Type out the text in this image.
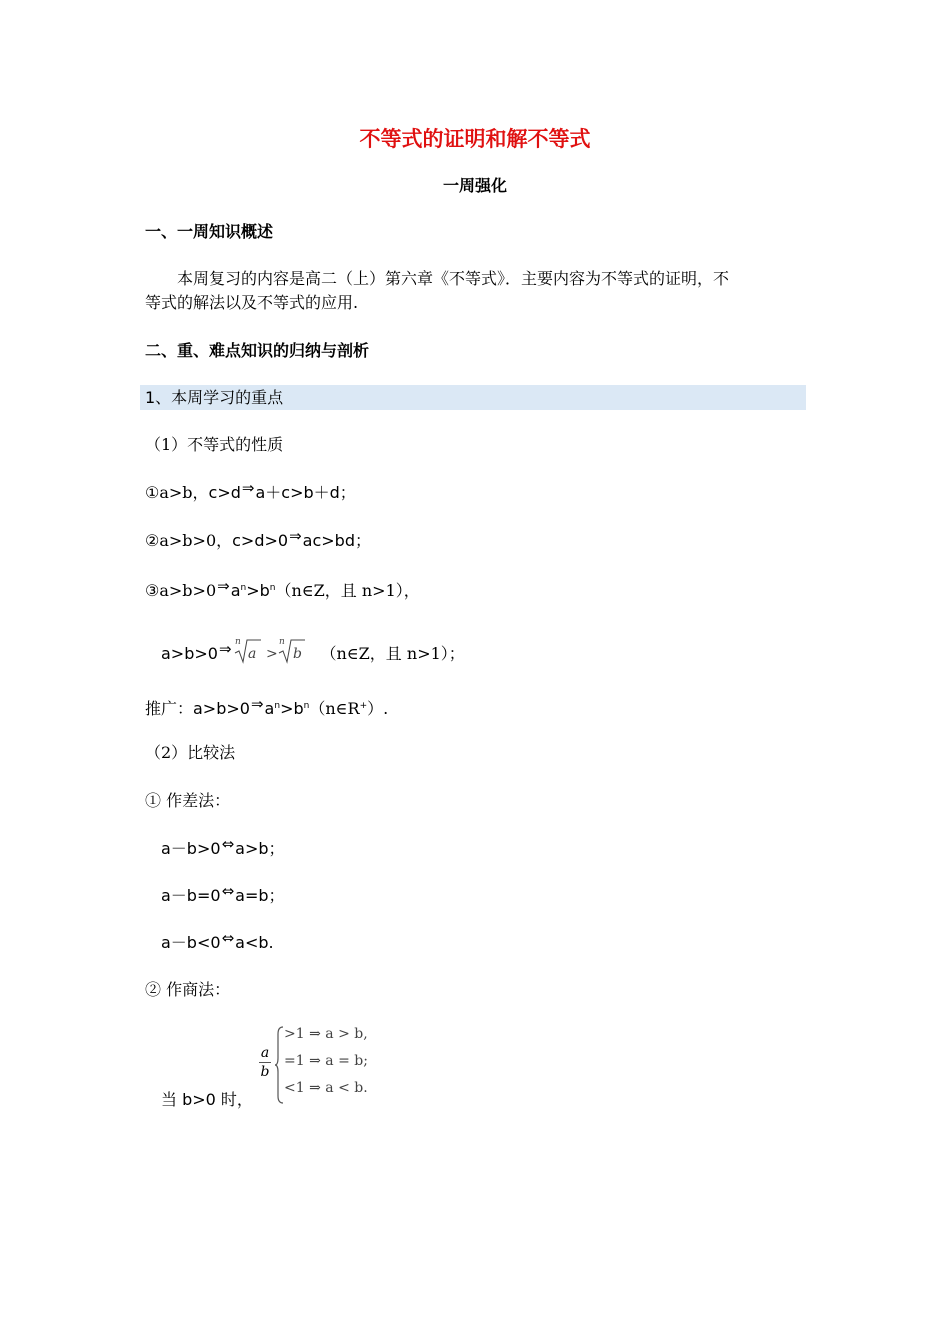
不等式的证明和解不等式
一周强化
一、一周知识概述
本周复习的内容是高二（上）第六章《不等式》．主要内容为不等式的证明，不
等式的解法以及不等式的应用.
二、重、难点知识的归纳与剖析
1、本周学习的重点
（1）不等式的性质
①a>b，c>d⇒a＋c>b＋d；
②a>b>0，c>d>0⇒ac>bd；
$③a>b>0\Rightarrow a^n>b^n(n\in Z$，且 n>1），
a>b>0⇒ n
a >
n
b （n∈Z，且 n>1）；
推广：$a>b>0\Rightarrow a^n>b^n(n\in R^+)$.
（2）比较法
① 作差法：
a－b>0⇔a>b；
a－b=0⇔a=b；
a－b<0⇔a<b.
② 作商法：
当 b>0 时，
a
b
>1 ⇒ a > b,
=1 ⇒ a = b;
<1 ⇒ a < b.
